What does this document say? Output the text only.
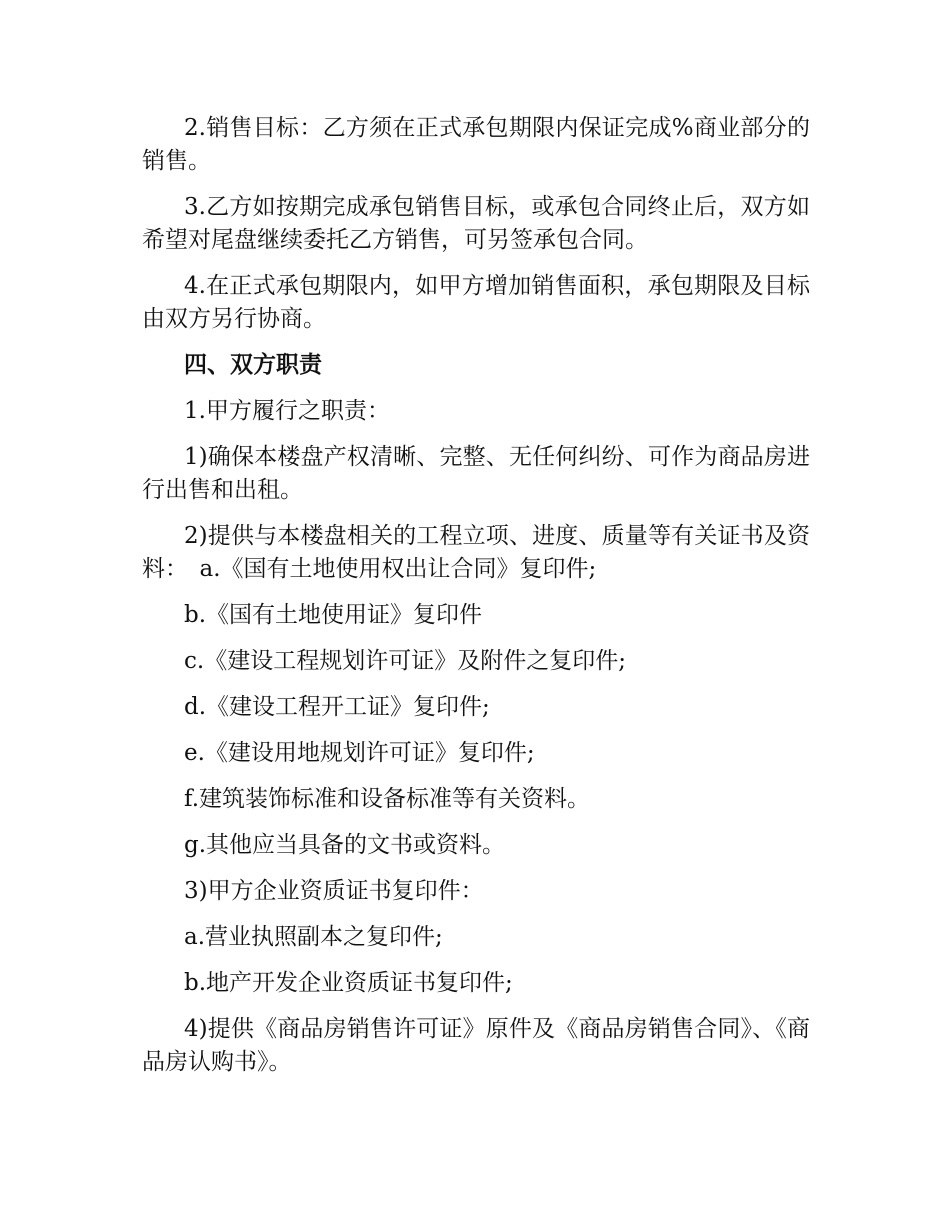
2.销售目标：乙方须在正式承包期限内保证完成%商业部分的销售。

3.乙方如按期完成承包销售目标，或承包合同终止后，双方如希望对尾盘继续委托乙方销售，可另签承包合同。

4.在正式承包期限内，如甲方增加销售面积，承包期限及目标由双方另行协商。

四、双方职责

1.甲方履行之职责：

1)确保本楼盘产权清晰、完整、无任何纠纷、可作为商品房进行出售和出租。

2)提供与本楼盘相关的工程立项、进度、质量等有关证书及资料：　a.《国有土地使用权出让合同》复印件;

b.《国有土地使用证》复印件

c.《建设工程规划许可证》及附件之复印件;

d.《建设工程开工证》复印件;

e.《建设用地规划许可证》复印件;

f.建筑装饰标准和设备标准等有关资料。

g.其他应当具备的文书或资料。

3)甲方企业资质证书复印件：

a.营业执照副本之复印件;

b.地产开发企业资质证书复印件;

4)提供《商品房销售许可证》原件及《商品房销售合同》、《商品房认购书》。
